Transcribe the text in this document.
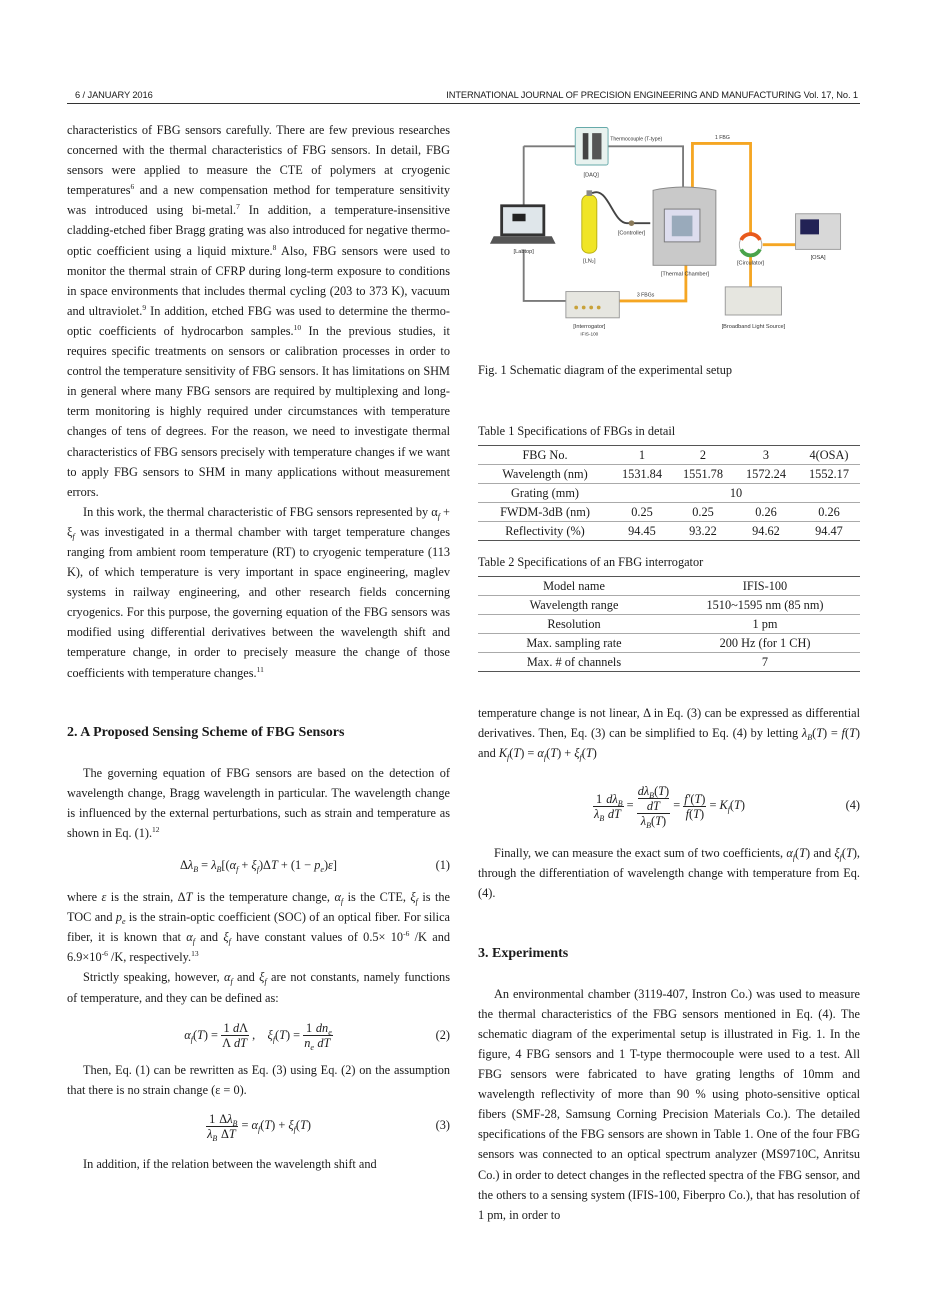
6 / JANUARY 2016	INTERNATIONAL JOURNAL OF PRECISION ENGINEERING AND MANUFACTURING Vol. 17, No. 1

characteristics of FBG sensors carefully. There are few previous researches concerned with the thermal characteristics of FBG sensors. In detail, FBG sensors were applied to measure the CTE of polymers at cryogenic temperatures$^6$ and a new compensation method for temperature sensitivity was introduced using bi-metal.$^7$ In addition, a temperature-insensitive cladding-etched fiber Bragg grating was also introduced for negative thermo-optic coefficient using a liquid mixture.$^8$ Also, FBG sensors were used to monitor the thermal strain of CFRP during long-term exposure to conditions in space environments that includes thermal cycling (203 to 373 K), vacuum and ultraviolet.$^9$ In addition, etched FBG was used to determine the thermo-optic coefficients of hydrocarbon samples.$^{10}$ In the previous studies, it requires specific treatments on sensors or calibration processes in order to control the temperature sensitivity of FBG sensors. It has limitations on SHM in general where many FBG sensors are required by multiplexing and long-term monitoring is highly required under circumstances with temperature changes of tens of degrees. For the reason, we need to investigate thermal characteristics of FBG sensors precisely with temperature changes if we want to apply FBG sensors to SHM in many applications without measurement errors.

In this work, the thermal characteristic of FBG sensors represented by $\alpha_f + \xi_f$ was investigated in a thermal chamber with target temperature changes ranging from ambient room temperature (RT) to cryogenic temperature (113 K), of which temperature is very important in space engineering, maglev systems in railway engineering, and other research fields concerning cryogenics. For this purpose, the governing equation of the FBG sensors was modified using differential derivatives between the wavelength shift and temperature change, in order to precisely measure the change of those coefficients with temperature changes.$^{11}$

2. A Proposed Sensing Scheme of FBG Sensors

The governing equation of FBG sensors are based on the detection of wavelength change, Bragg wavelength in particular. The wavelength change is influenced by the external perturbations, such as strain and temperature as shown in Eq. (1).$^{12}$

$\Delta\lambda_B = \lambda_B[(\alpha_f + \xi_f)\Delta T + (1 - p_e)\varepsilon]$	(1)

where ε is the strain, ΔT is the temperature change, $\alpha_f$ is the CTE, $\xi_f$ is the TOC and $p_e$ is the strain-optic coefficient (SOC) of an optical fiber. For silica fiber, it is known that $\alpha_f$ and $\xi_f$ have constant values of $0.5\times 10^{-6}$ /K and $6.9\times 10^{-6}$ /K, respectively.$^{13}$

Strictly speaking, however, $\alpha_f$ and $\xi_f$ are not constants, namely functions of temperature, and they can be defined as:

$\alpha_f(T) = \frac{1}{\Lambda} \frac{d\Lambda}{dT}$ ,    $\xi_f(T) = \frac{1}{n_e} \frac{dn_e}{dT}$	(2)

Then, Eq. (1) can be rewritten as Eq. (3) using Eq. (2) on the assumption that there is no strain change (ε = 0).

$\frac{1}{\lambda_B} \frac{\Delta\lambda_B}{\Delta T} = \alpha_f(T) + \xi_f(T)$	(3)

In addition, if the relation between the wavelength shift and

[DAQ]
Thermocouple (T-type)	1 FBG
[Labtop]
[LN₂]
[Controller]
[Thermal Chamber]
[Circulator]
[OSA]
[Interrogator]
IFIS-100
3 FBGs
[Broadband Light Source]
Fig. 1 Schematic diagram of the experimental setup
Table 1 Specifications of FBGs in detail
FBG No.	1	2	3	4(OSA)
Wavelength (nm)	1531.84	1551.78	1572.24	1552.17
Grating (mm)	10			
FWDM-3dB (nm)	0.25	0.25	0.26	0.26
Reflectivity (%)	94.45	93.22	94.62	94.47
Table 2 Specifications of an FBG interrogator
Model name	IFIS-100
Wavelength range	1510~1595 nm (85 nm)
Resolution	1 pm
Max. sampling rate	200 Hz (for 1 CH)
Max. # of channels	7

temperature change is not linear, Δ in Eq. (3) can be expressed as differential derivatives. Then, Eq. (3) can be simplified to Eq. (4) by letting $\lambda_B(T) = f(T)$ and $K_f(T) = \alpha_f(T) + \xi_f(T)$

$\frac{1}{\lambda_B} \frac{d\lambda_B}{dT} = d\lambda_B(T)$
dT
$\lambda_B(T) = \frac{f'(T)}{f(T)} = K_f(T)$	(4)

Finally, we can measure the exact sum of two coefficients, $\alpha_f(T)$ and $\xi_f(T)$, through the differentiation of wavelength change with temperature from Eq. (4).

3. Experiments

An environmental chamber (3119-407, Instron Co.) was used to measure the thermal characteristics of the FBG sensors mentioned in Eq. (4). The schematic diagram of the experimental setup is illustrated in Fig. 1. In the figure, 4 FBG sensors and 1 T-type thermocouple were used to a test. All FBG sensors were fabricated to have grating lengths of 10mm and wavelength reflectivity of more than 90 % using photo-sensitive optical fibers (SMF-28, Samsung Corning Precision Materials Co.). The detailed specifications of the FBG sensors are shown in Table 1. One of the four FBG sensors was connected to an optical spectrum analyzer (MS9710C, Anritsu Co.) in order to detect changes in the reflected spectra of the FBG sensor, and the others to a sensing system (IFIS-100, Fiberpro Co.), that has resolution of 1 pm, in order to
